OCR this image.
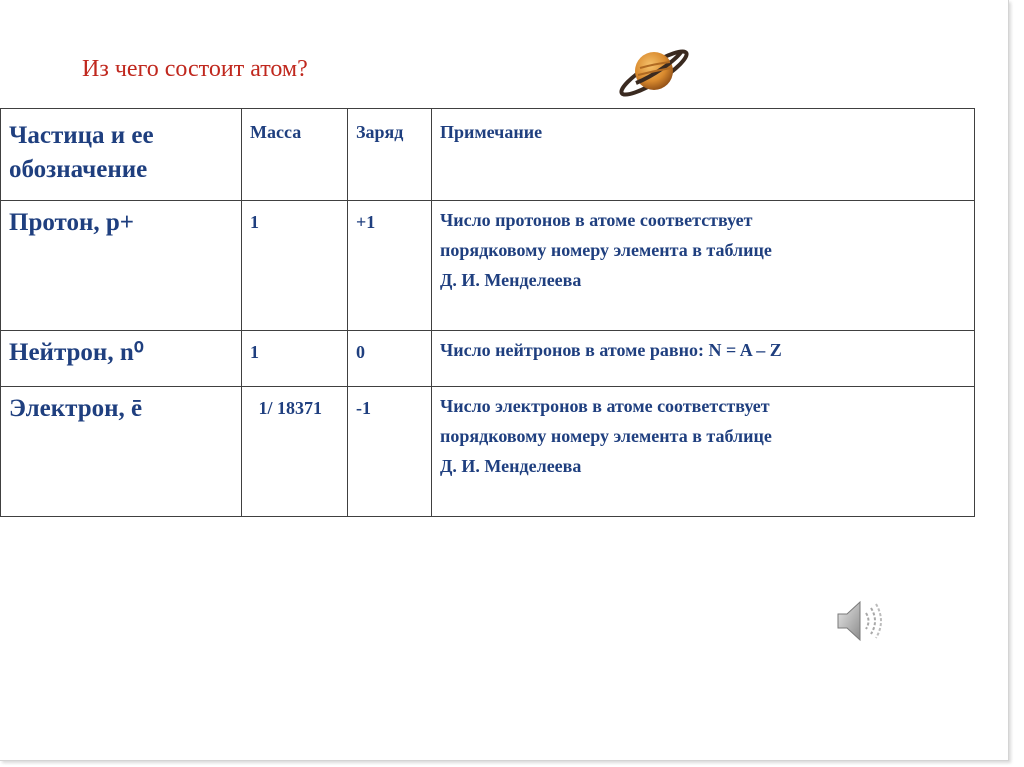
Из чего состоит атом?
Частица и ее обозначение	Масса	Заряд	Примечание
Протон, р+	1	+1	Число протонов в атоме соответствует
порядковому номеру элемента в таблице
Д. И. Менделеева

Нейтрон, n⁰	1	0	Число нейтронов в атоме равно: N = A – Z

Электрон, ē	1/ 18371	-1	Число электронов в атоме соответствует
порядковому номеру элемента в таблице
Д. И. Менделеева
